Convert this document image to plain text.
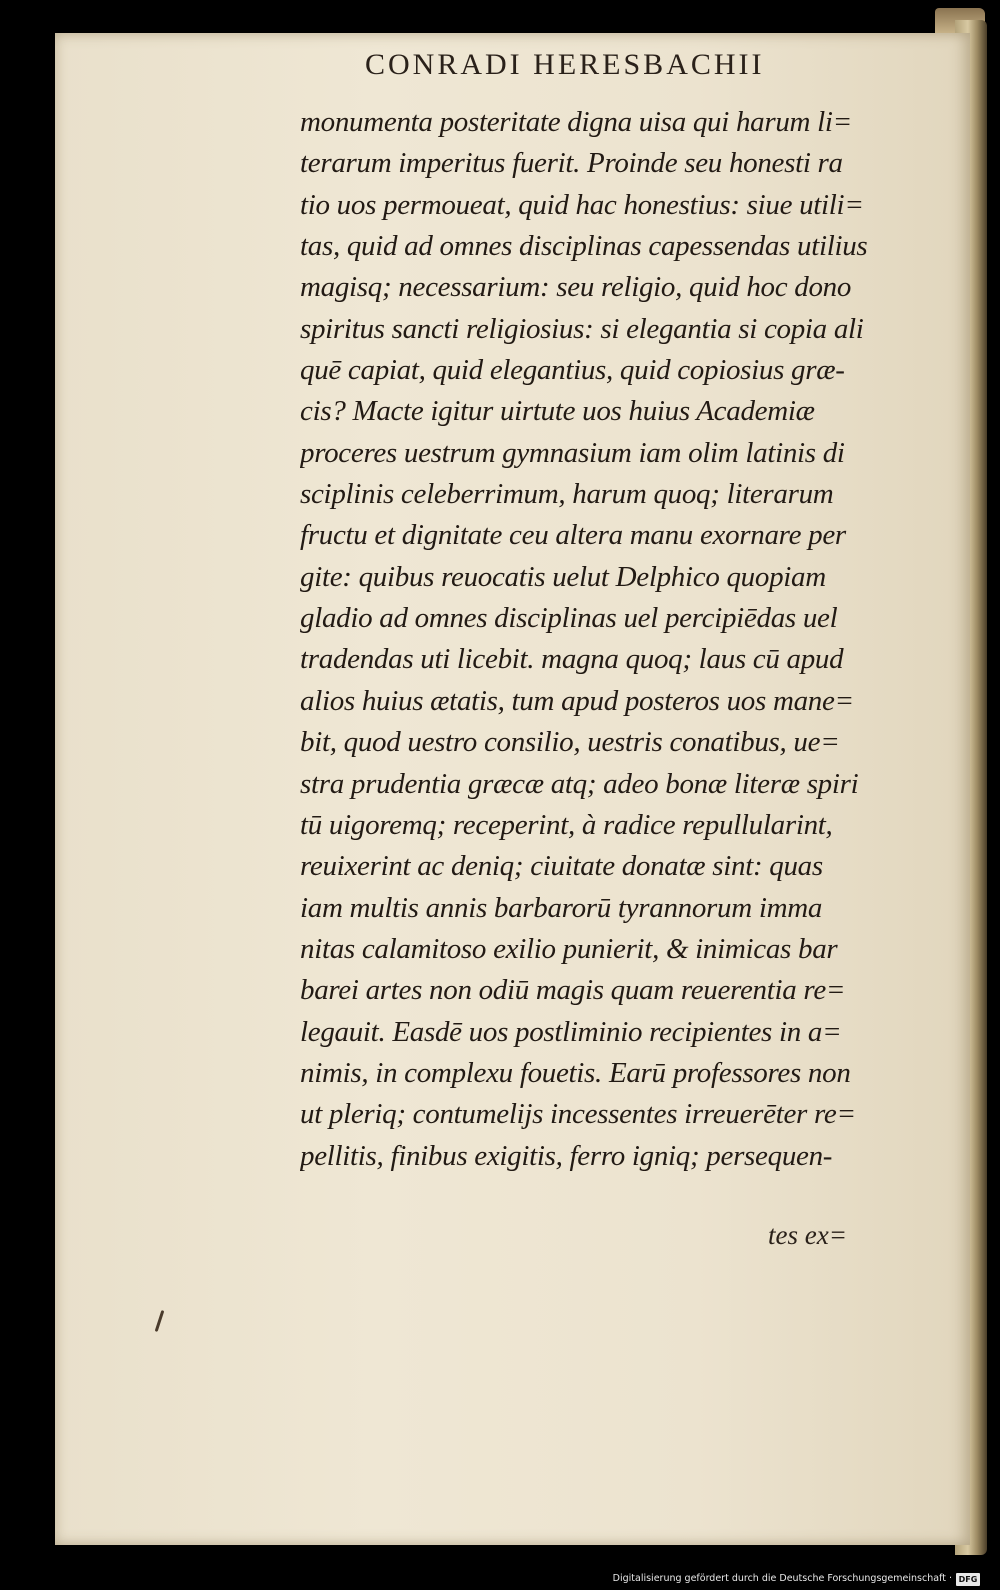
CONRADI HERESBACHII
monumenta posteritate digna uisa qui harum li=
terarum imperitus fuerit. Proinde seu honesti ra
tio uos permoueat, quid hac honestius: siue utili=
tas, quid ad omnes disciplinas capessendas utilius
magisq; necessarium: seu religio, quid hoc dono
spiritus sancti religiosius: si elegantia si copia ali
quē capiat, quid elegantius, quid copiosius græ-
cis? Macte igitur uirtute uos huius Academiæ
proceres uestrum gymnasium iam olim latinis di
sciplinis celeberrimum, harum quoq; literarum
fructu et dignitate ceu altera manu exornare per
gite: quibus reuocatis uelut Delphico quopiam
gladio ad omnes disciplinas uel percipiēdas uel
tradendas uti licebit. magna quoq; laus cū apud
alios huius ætatis, tum apud posteros uos mane=
bit, quod uestro consilio, uestris conatibus, ue=
stra prudentia græcæ atq; adeo bonæ literæ spiri
tū uigoremq; receperint, à radice repullularint,
reuixerint ac deniq; ciuitate donatæ sint: quas
iam multis annis barbarorū tyrannorum imma
nitas calamitoso exilio punierit, & inimicas bar
barei artes non odiū magis quam reuerentia re=
legauit. Easdē uos postliminio recipientes in a=
nimis, in complexu fouetis. Earū professores non
ut pleriq; contumelijs incessentes irreuerēter re=
pellitis, finibus exigitis, ferro igniq; persequen-
tes ex=
Digitalisierung gefördert durch die Deutsche Forschungsgemeinschaft · DFG
